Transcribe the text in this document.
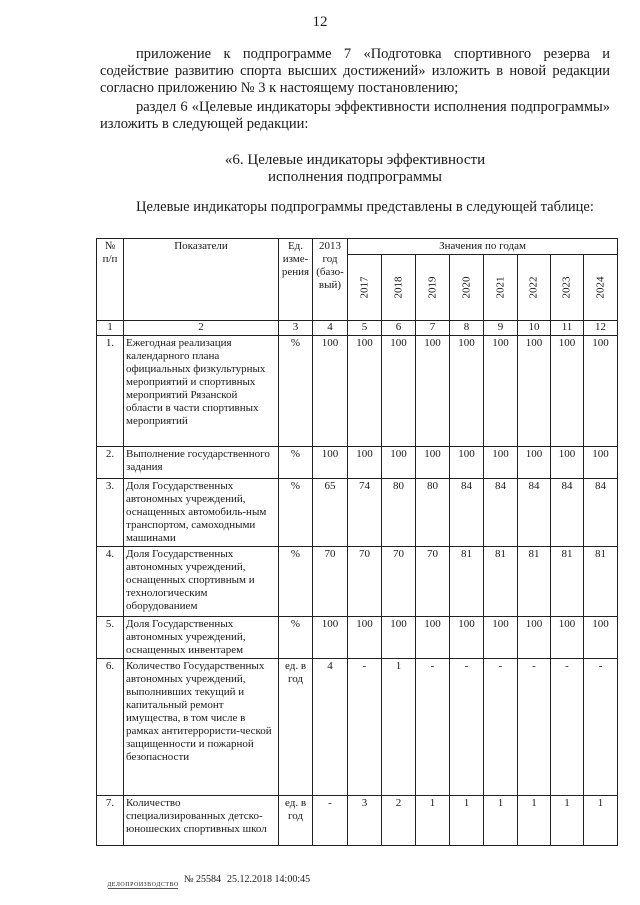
12

приложение к подпрограмме 7 «Подготовка спортивного резерва и содействие развитию спорта высших достижений» изложить в новой редакции согласно приложению № 3 к настоящему постановлению;

раздел 6 «Целевые индикаторы эффективности исполнения подпрограммы» изложить в следующей редакции:

«6. Целевые индикаторы эффективности
исполнения подпрограммы

Целевые индикаторы подпрограммы представлены в следующей таблице:

№ п/п	Показатели	Ед. изме-рения	2013 год (базо-вый)	Значения по годам							
				2017	2018	2019	2020	2021	2022	2023	2024
1	2	3	4	5	6	7	8	9	10	11	12
1.	Ежегодная реализация календарного плана официальных физкультурных мероприятий и спортивных мероприятий Рязанской области в части спортивных мероприятий	%	100	100	100	100	100	100	100	100	100
2.	Выполнение государственного задания	%	100	100	100	100	100	100	100	100	100
3.	Доля Государственных автономных учреждений, оснащенных автомобиль-ным транспортом, самоходными машинами	%	65	74	80	80	84	84	84	84	84
4.	Доля Государственных автономных учреждений, оснащенных спортивным и технологическим оборудованием	%	70	70	70	70	81	81	81	81	81
5.	Доля Государственных автономных учреждений, оснащенных инвентарем	%	100	100	100	100	100	100	100	100	100
6.	Количество Государственных автономных учреждений, выполнивших текущий и капитальный ремонт имущества, в том числе в рамках антитеррористи-ческой защищенности и пожарной безопасности	ед. в год	4	-	1	-	-	-	-	-	-
7.	Количество специализированных детско-юношеских спортивных школ	ед. в год	-	3	2	1	1	1	1	1	1
ДЕЛОПРОИЗВОДСТВО № 25584 25.12.2018 14:00:45
